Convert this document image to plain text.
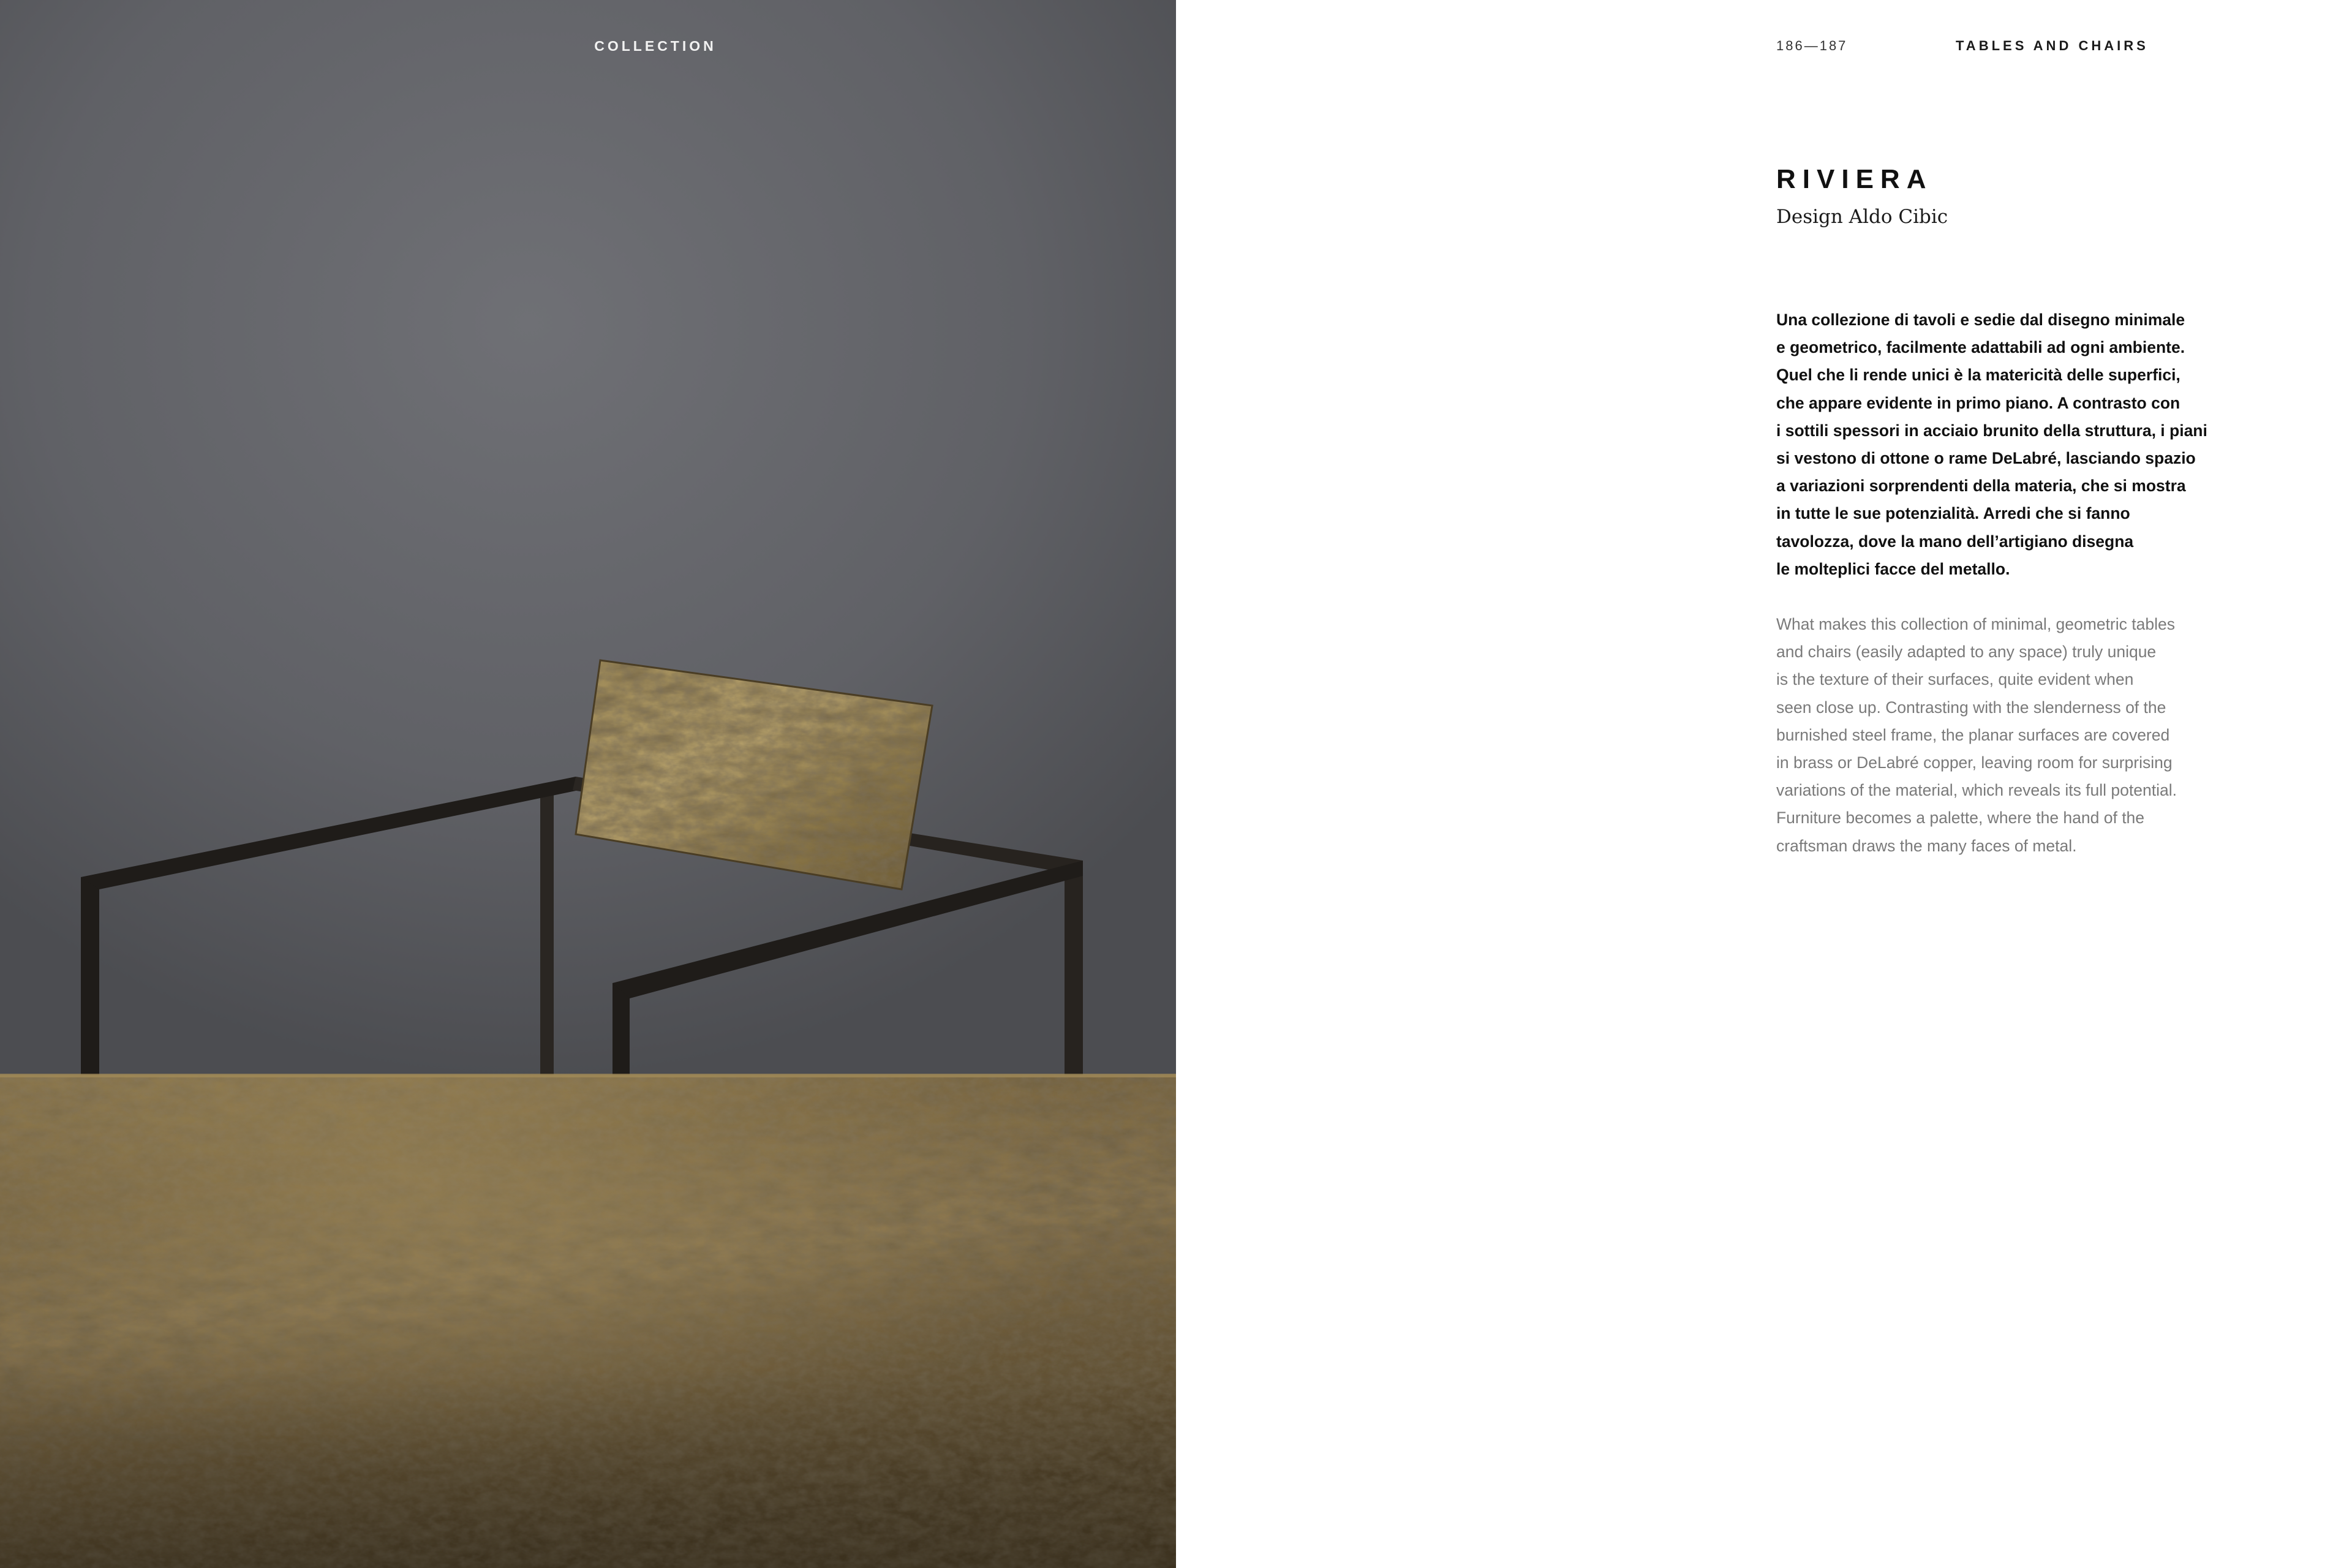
COLLECTION	186—187	TABLES AND CHAIRS
RIVIERA
Design Aldo Cibic
Una collezione di tavoli e sedie dal disegno minimale
e geometrico, facilmente adattabili ad ogni ambiente.
Quel che li rende unici è la matericità delle superfici,
che appare evidente in primo piano. A contrasto con
i sottili spessori in acciaio brunito della struttura, i piani
si vestono di ottone o rame DeLabré, lasciando spazio
a variazioni sorprendenti della materia, che si mostra
in tutte le sue potenzialità. Arredi che si fanno
tavolozza, dove la mano dell’artigiano disegna
le molteplici facce del metallo.
What makes this collection of minimal, geometric tables
and chairs (easily adapted to any space) truly unique
is the texture of their surfaces, quite evident when
seen close up. Contrasting with the slenderness of the
burnished steel frame, the planar surfaces are covered
in brass or DeLabré copper, leaving room for surprising
variations of the material, which reveals its full potential.
Furniture becomes a palette, where the hand of the
craftsman draws the many faces of metal.
